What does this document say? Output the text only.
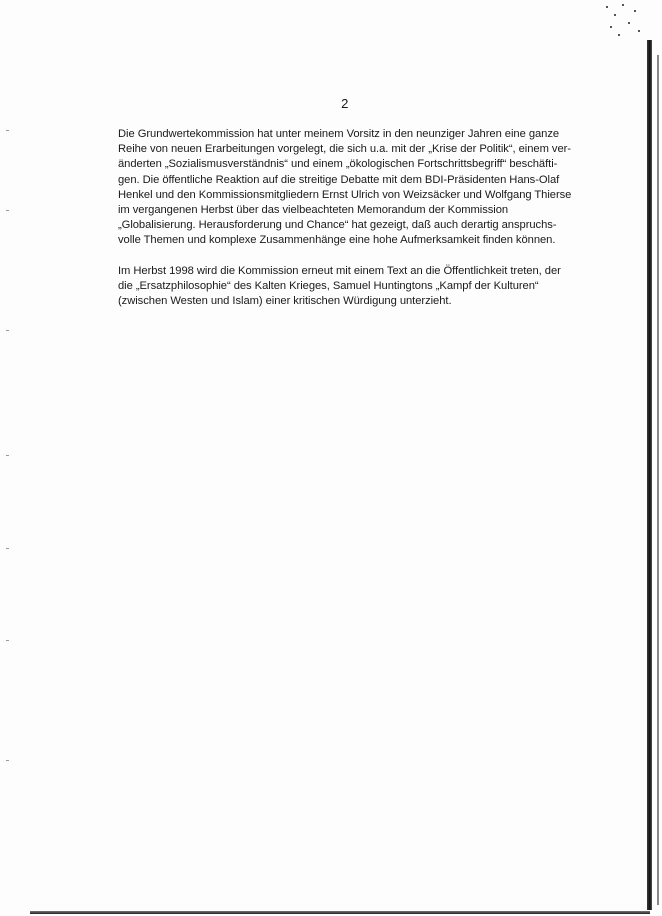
2

Die Grundwertekommission hat unter meinem Vorsitz in den neunziger Jahren eine ganze
Reihe von neuen Erarbeitungen vorgelegt, die sich u.a. mit der „Krise der Politik“, einem ver-
änderten „Sozialismusverständnis“ und einem „ökologischen Fortschrittsbegriff“ beschäfti-
gen. Die öffentliche Reaktion auf die streitige Debatte mit dem BDI-Präsidenten Hans-Olaf
Henkel und den Kommissionsmitgliedern Ernst Ulrich von Weizsäcker und Wolfgang Thierse
im vergangenen Herbst über das vielbeachteten Memorandum der Kommission
„Globalisierung. Herausforderung und Chance“ hat gezeigt, daß auch derartig anspruchs-
volle Themen und komplexe Zusammenhänge eine hohe Aufmerksamkeit finden können.

Im Herbst 1998 wird die Kommission erneut mit einem Text an die Öffentlichkeit treten, der
die „Ersatzphilosophie“ des Kalten Krieges, Samuel Huntingtons „Kampf der Kulturen“
(zwischen Westen und Islam) einer kritischen Würdigung unterzieht.
